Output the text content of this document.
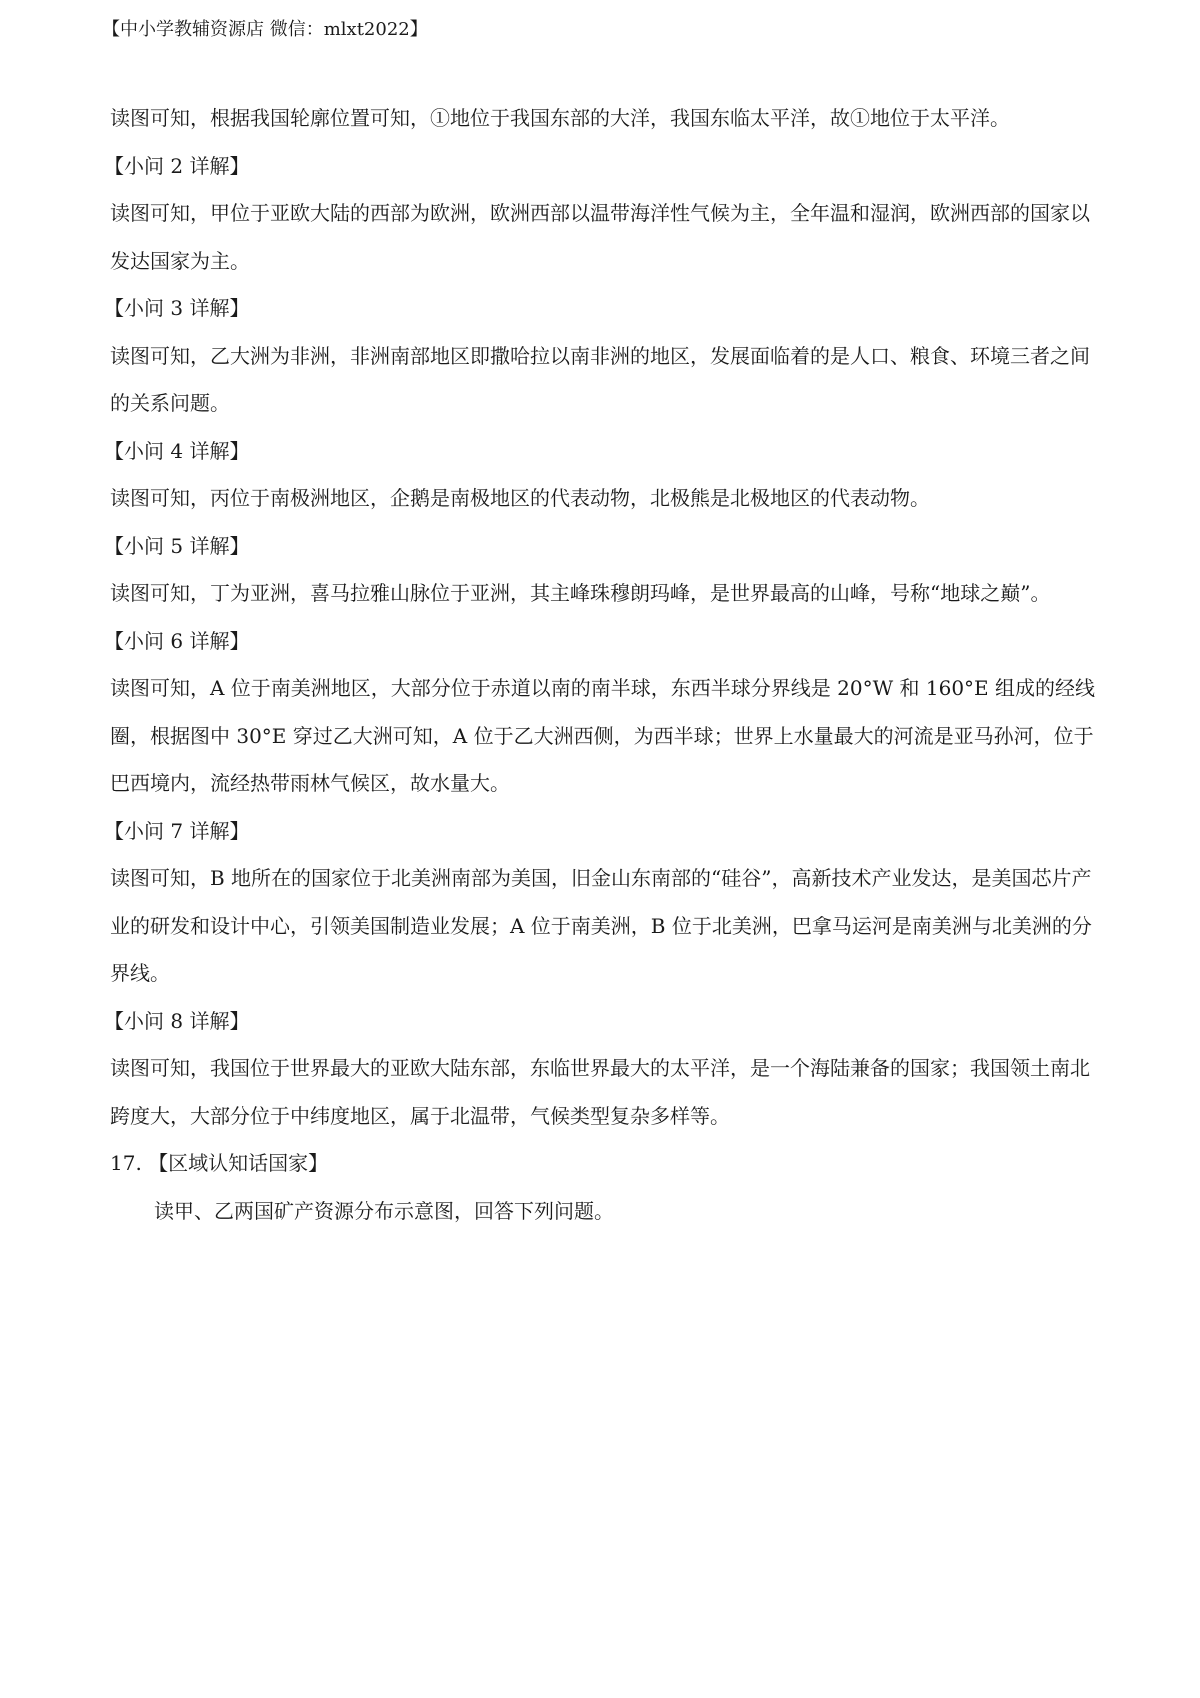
【中小学教辅资源店 微信：mlxt2022】

读图可知，根据我国轮廓位置可知，①地位于我国东部的大洋，我国东临太平洋，故①地位于太平洋。

【小问 2 详解】

读图可知，甲位于亚欧大陆的西部为欧洲，欧洲西部以温带海洋性气候为主，全年温和湿润，欧洲西部的国家以发达国家为主。

【小问 3 详解】

读图可知，乙大洲为非洲，非洲南部地区即撒哈拉以南非洲的地区，发展面临着的是人口、粮食、环境三者之间的关系问题。

【小问 4 详解】

读图可知，丙位于南极洲地区，企鹅是南极地区的代表动物，北极熊是北极地区的代表动物。

【小问 5 详解】

读图可知，丁为亚洲，喜马拉雅山脉位于亚洲，其主峰珠穆朗玛峰，是世界最高的山峰，号称“地球之巅”。

【小问 6 详解】

读图可知，A 位于南美洲地区，大部分位于赤道以南的南半球，东西半球分界线是 20°W 和 160°E 组成的经线圈，根据图中 30°E 穿过乙大洲可知，A 位于乙大洲西侧，为西半球；世界上水量最大的河流是亚马孙河，位于巴西境内，流经热带雨林气候区，故水量大。

【小问 7 详解】

读图可知，B 地所在的国家位于北美洲南部为美国，旧金山东南部的“硅谷”，高新技术产业发达，是美国芯片产业的研发和设计中心，引领美国制造业发展；A 位于南美洲，B 位于北美洲，巴拿马运河是南美洲与北美洲的分界线。

【小问 8 详解】

读图可知，我国位于世界最大的亚欧大陆东部，东临世界最大的太平洋，是一个海陆兼备的国家；我国领土南北跨度大，大部分位于中纬度地区，属于北温带，气候类型复杂多样等。

17. 【区域认知话国家】

读甲、乙两国矿产资源分布示意图，回答下列问题。
